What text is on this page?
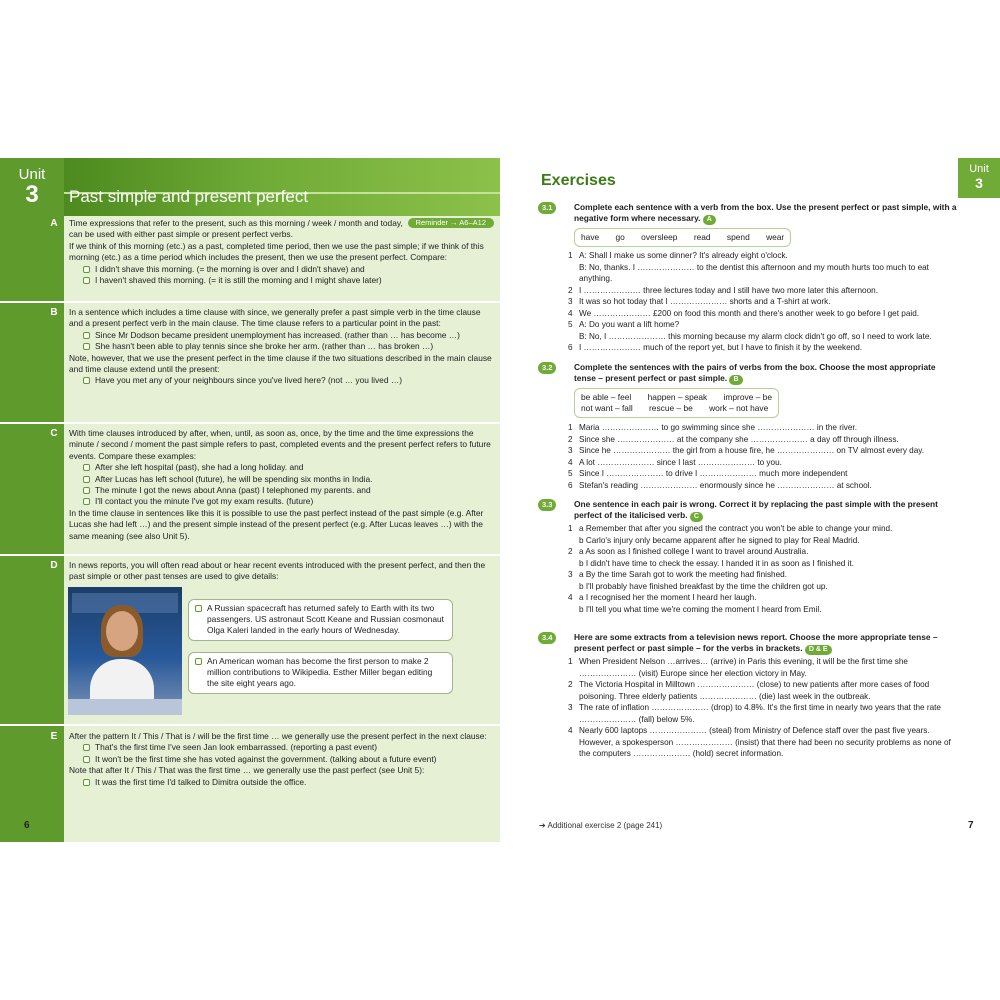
Unit
3	Past simple and present perfect
A	Reminder → A6–A12
Time expressions that refer to the present, such as this morning / week / month and today, can be used with either past simple or present perfect verbs.
If we think of this morning (etc.) as a past, completed time period, then we use the past simple; if we think of this morning (etc.) as a time period which includes the present, then we use the present perfect. Compare:
I didn't shave this morning. (= the morning is over and I didn't shave) and
I haven't shaved this morning. (= it is still the morning and I might shave later)
B	In a sentence which includes a time clause with since, we generally prefer a past simple verb in the time clause and a present perfect verb in the main clause. The time clause refers to a particular point in the past:
Since Mr Dodson became president unemployment has increased. (rather than … has become …)
She hasn't been able to play tennis since she broke her arm. (rather than … has broken …)
Note, however, that we use the present perfect in the time clause if the two situations described in the main clause and time clause extend until the present:
Have you met any of your neighbours since you've lived here? (not … you lived …)
C	With time clauses introduced by after, when, until, as soon as, once, by the time and the time expressions the minute / second / moment the past simple refers to past, completed events and the present perfect refers to future events. Compare these examples:
After she left hospital (past), she had a long holiday. and
After Lucas has left school (future), he will be spending six months in India.
The minute I got the news about Anna (past) I telephoned my parents. and
I'll contact you the minute I've got my exam results. (future)
In the time clause in sentences like this it is possible to use the past perfect instead of the past simple (e.g. After Lucas she had left …) and the present simple instead of the present perfect (e.g. After Lucas leaves …) with the same meaning (see also Unit 5).
D	In news reports, you will often read about or hear recent events introduced with the present perfect, and then the past simple or other past tenses are used to give details:
A Russian spacecraft has returned safely to Earth with its two passengers. US astronaut Scott Keane and Russian cosmonaut Olga Kaleri landed in the early hours of Wednesday.
An American woman has become the first person to make 2 million contributions to Wikipedia. Esther Miller began editing the site eight years ago.
E	After the pattern It / This / That is / will be the first time … we generally use the present perfect in the next clause:
That's the first time I've seen Jan look embarrassed. (reporting a past event)
It won't be the first time she has voted against the government. (talking about a future event)
Note that after It / This / That was the first time … we generally use the past perfect (see Unit 5):
It was the first time I'd talked to Dimitra outside the office.
6
Exercises
Unit
3
3.1	Complete each sentence with a verb from the box. Use the present perfect or past simple, with a negative form where necessary. A
have go oversleep read spend wear
1 A: Shall I make us some dinner? It's already eight o'clock.
B: No, thanks. I ………………… to the dentist this afternoon and my mouth hurts too much to eat anything.
2 I ………………… three lectures today and I still have two more later this afternoon.
3 It was so hot today that I ………………… shorts and a T-shirt at work.
4 We ………………… £200 on food this month and there's another week to go before I get paid.
5 A: Do you want a lift home?
B: No, I ………………… this morning because my alarm clock didn't go off, so I need to work late.
6 I ………………… much of the report yet, but I have to finish it by the weekend.
3.2	Complete the sentences with the pairs of verbs from the box. Choose the most appropriate tense – present perfect or past simple. B
be able – feel happen – speak improve – be
not want – fall rescue – be work – not have
1 Maria ………………… to go swimming since she ………………… in the river.
2 Since she ………………… at the company she ………………… a day off through illness.
3 Since he ………………… the girl from a house fire, he ………………… on TV almost every day.
4 A lot ………………… since I last ………………… to you.
5 Since I ………………… to drive I ………………… much more independent
6 Stefan's reading ………………… enormously since he ………………… at school.
3.3	One sentence in each pair is wrong. Correct it by replacing the past simple with the present perfect of the italicised verb. C
1 a Remember that after you signed the contract you won't be able to change your mind.
b Carlo's injury only became apparent after he signed to play for Real Madrid.
2 a As soon as I finished college I want to travel around Australia.
b I didn't have time to check the essay. I handed it in as soon as I finished it.
3 a By the time Sarah got to work the meeting had finished.
b I'll probably have finished breakfast by the time the children got up.
4 a I recognised her the moment I heard her laugh.
b I'll tell you what time we're coming the moment I heard from Emil.
3.4	Here are some extracts from a television news report. Choose the more appropriate tense – present perfect or past simple – for the verbs in brackets. D & E
1 When President Nelson …arrives… (arrive) in Paris this evening, it will be the first time she ………………… (visit) Europe since her election victory in May.
2 The Victoria Hospital in Milltown ………………… (close) to new patients after more cases of food poisoning. Three elderly patients ………………… (die) last week in the outbreak.
3 The rate of inflation ………………… (drop) to 4.8%. It's the first time in nearly two years that the rate ………………… (fall) below 5%.
4 Nearly 600 laptops ………………… (steal) from Ministry of Defence staff over the past five years. However, a spokesperson ………………… (insist) that there had been no security problems as none of the computers ………………… (hold) secret information.
➔ Additional exercise 2 (page 241)	7
